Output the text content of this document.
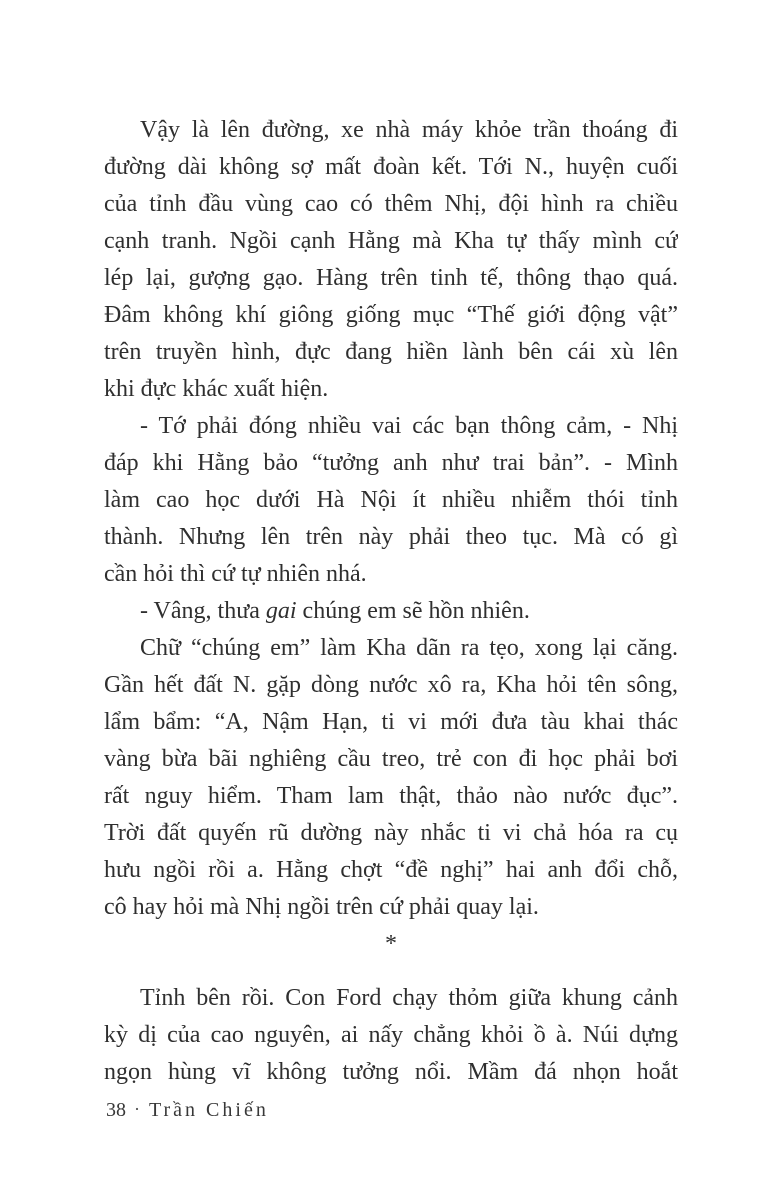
Vậy là lên đường, xe nhà máy khỏe trần thoáng đi
đường dài không sợ mất đoàn kết. Tới N., huyện cuối
của tỉnh đầu vùng cao có thêm Nhị, đội hình ra chiều
cạnh tranh. Ngồi cạnh Hằng mà Kha tự thấy mình cứ
lép lại, gượng gạo. Hàng trên tinh tế, thông thạo quá.
Đâm không khí giông giống mục “Thế giới động vật”
trên truyền hình, đực đang hiền lành bên cái xù lên
khi đực khác xuất hiện.
- Tớ phải đóng nhiều vai các bạn thông cảm, - Nhị
đáp khi Hằng bảo “tưởng anh như trai bản”. - Mình
làm cao học dưới Hà Nội ít nhiều nhiễm thói tỉnh
thành. Nhưng lên trên này phải theo tục. Mà có gì
cần hỏi thì cứ tự nhiên nhá.
- Vâng, thưa gai chúng em sẽ hồn nhiên.
Chữ “chúng em” làm Kha dãn ra tẹo, xong lại căng.
Gần hết đất N. gặp dòng nước xô ra, Kha hỏi tên sông,
lẩm bẩm: “A, Nậm Hạn, ti vi mới đưa tàu khai thác
vàng bừa bãi nghiêng cầu treo, trẻ con đi học phải bơi
rất nguy hiểm. Tham lam thật, thảo nào nước đục”.
Trời đất quyến rũ dường này nhắc ti vi chả hóa ra cụ
hưu ngồi rồi a. Hằng chợt “đề nghị” hai anh đổi chỗ,
cô hay hỏi mà Nhị ngồi trên cứ phải quay lại.
*
Tỉnh bên rồi. Con Ford chạy thỏm giữa khung cảnh
kỳ dị của cao nguyên, ai nấy chẳng khỏi ồ à. Núi dựng
ngọn hùng vĩ không tưởng nổi. Mầm đá nhọn hoắt
38 · Trần Chiến
